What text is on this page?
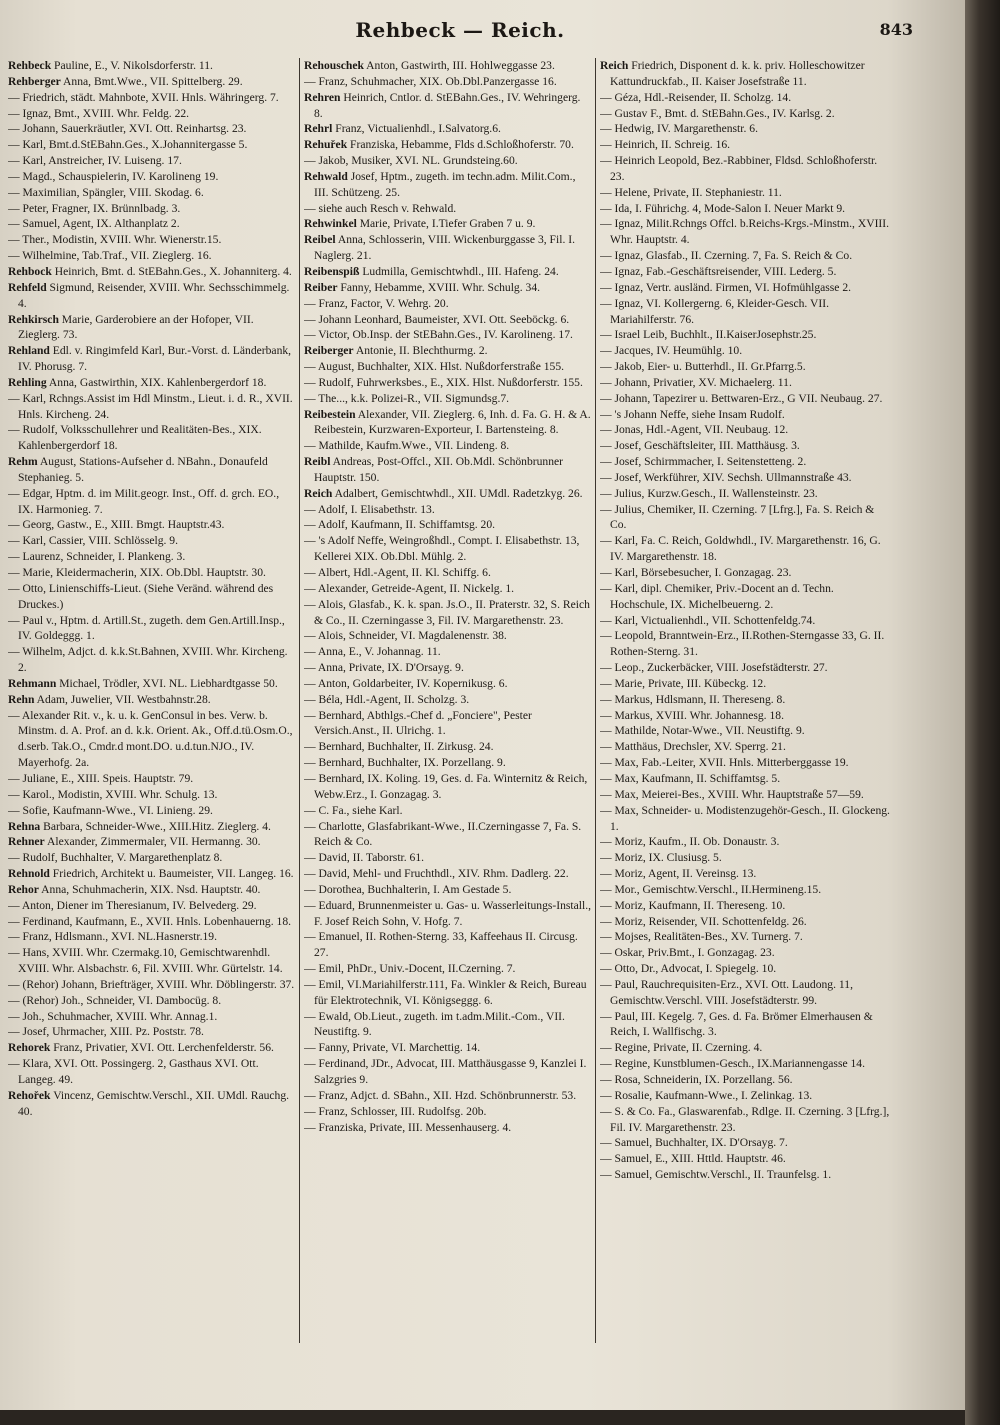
Rehbeck — Reich.	843
Rehbeck Pauline, E., V. Nikolsdorferstr. 11.
Rehberger Anna, Bmt.Wwe., VII. Spittelberg. 29.
— Friedrich, städt. Mahnbote, XVII. Hnls. Währingerg. 7.
— Ignaz, Bmt., XVIII. Whr. Feldg. 22.
— Johann, Sauerkräutler, XVI. Ott. Reinhartsg. 23.
— Karl, Bmt.d.StEBahn.Ges., X.Johannitergasse 5.
— Karl, Anstreicher, IV. Luiseng. 17.
— Magd., Schauspielerin, IV. Karolineng 19.
— Maximilian, Spängler, VIII. Skodag. 6.
— Peter, Fragner, IX. Brünnlbadg. 3.
— Samuel, Agent, IX. Althanplatz 2.
— Ther., Modistin, XVIII. Whr. Wienerstr.15.
— Wilhelmine, Tab.Traf., VII. Zieglerg. 16.
Rehbock Heinrich, Bmt. d. StEBahn.Ges., X. Johanniterg. 4.
Rehfeld Sigmund, Reisender, XVIII. Whr. Sechsschimmelg. 4.
Rehkirsch Marie, Garderobiere an der Hofoper, VII. Zieglerg. 73.
Rehland Edl. v. Ringimfeld Karl, Bur.-Vorst. d. Länderbank, IV. Phorusg. 7.
Rehling Anna, Gastwirthin, XIX. Kahlenbergerdorf 18.
— Karl, Rchngs.Assist im Hdl Minstm., Lieut. i. d. R., XVII. Hnls. Kircheng. 24.
— Rudolf, Volksschullehrer und Realitäten-Bes., XIX. Kahlenbergerdorf 18.
Rehm August, Stations-Aufseher d. NBahn., Donaufeld Stephanieg. 5.
— Edgar, Hptm. d. im Milit.geogr. Inst., Off. d. grch. EO., IX. Harmonieg. 7.
— Georg, Gastw., E., XIII. Bmgt. Hauptstr.43.
— Karl, Cassier, VIII. Schlösselg. 9.
— Laurenz, Schneider, I. Plankeng. 3.
— Marie, Kleidermacherin, XIX. Ob.Dbl. Hauptstr. 30.
— Otto, Linienschiffs-Lieut. (Siehe Veränd. während des Druckes.)
— Paul v., Hptm. d. Artill.St., zugeth. dem Gen.Artill.Insp., IV. Goldeggg. 1.
— Wilhelm, Adjct. d. k.k.St.Bahnen, XVIII. Whr. Kircheng. 2.
Rehmann Michael, Trödler, XVI. NL. Liebhardtgasse 50.
Rehn Adam, Juwelier, VII. Westbahnstr.28.
— Alexander Rit. v., k. u. k. GenConsul in bes. Verw. b. Minstm. d. A. Prof. an d. k.k. Orient. Ak., Off.d.tü.Osm.O., d.serb. Tak.O., Cmdr.d mont.DO. u.d.tun.NJO., IV. Mayerhofg. 2a.
— Juliane, E., XIII. Speis. Hauptstr. 79.
— Karol., Modistin, XVIII. Whr. Schulg. 13.
— Sofie, Kaufmann-Wwe., VI. Linieng. 29.
Rehna Barbara, Schneider-Wwe., XIII.Hitz. Zieglerg. 4.
Rehner Alexander, Zimmermaler, VII. Hermanng. 30.
— Rudolf, Buchhalter, V. Margarethenplatz 8.
Rehnold Friedrich, Architekt u. Baumeister, VII. Langeg. 16.
Rehor Anna, Schuhmacherin, XIX. Nsd. Hauptstr. 40.
— Anton, Diener im Theresianum, IV. Belvederg. 29.
— Ferdinand, Kaufmann, E., XVII. Hnls. Lobenhauerng. 18.
— Franz, Hdlsmann., XVI. NL.Hasnerstr.19.
— Hans, XVIII. Whr. Czermakg.10, Gemischtwarenhdl. XVIII. Whr. Alsbachstr. 6, Fil. XVIII. Whr. Gürtelstr. 14.
— (Rehor) Johann, Briefträger, XVIII. Whr. Döblingerstr. 37.
— (Rehor) Joh., Schneider, VI. Dambocüg. 8.
— Joh., Schuhmacher, XVIII. Whr. Annag.1.
— Josef, Uhrmacher, XIII. Pz. Poststr. 78.
Rehorek Franz, Privatier, XVI. Ott. Lerchenfelderstr. 56.
— Klara, XVI. Ott. Possingerg. 2, Gasthaus XVI. Ott. Langeg. 49.
Rehořek Vincenz, Gemischtw.Verschl., XII. UMdl. Rauchg. 40.
Rehouschek Anton, Gastwirth, III. Hohlweggasse 23.
— Franz, Schuhmacher, XIX. Ob.Dbl.Panzergasse 16.
Rehren Heinrich, Cntlor. d. StEBahn.Ges., IV. Wehringerg. 8.
Rehrl Franz, Victualienhdl., I.Salvatorg.6.
Rehuřek Franziska, Hebamme, Flds d.Schloßhoferstr. 70.
— Jakob, Musiker, XVI. NL. Grundsteing.60.
Rehwald Josef, Hptm., zugeth. im techn.adm. Milit.Com., III. Schützeng. 25.
— siehe auch Resch v. Rehwald.
Rehwinkel Marie, Private, I.Tiefer Graben 7 u. 9.
Reibel Anna, Schlosserin, VIII. Wickenburggasse 3, Fil. I. Naglerg. 21.
Reibenspiß Ludmilla, Gemischtwhdl., III. Hafeng. 24.
Reiber Fanny, Hebamme, XVIII. Whr. Schulg. 34.
— Franz, Factor, V. Wehrg. 20.
— Johann Leonhard, Baumeister, XVI. Ott. Seeböckg. 6.
— Victor, Ob.Insp. der StEBahn.Ges., IV. Karolineng. 17.
Reiberger Antonie, II. Blechthurmg. 2.
— August, Buchhalter, XIX. Hlst. Nußdorferstraße 155.
— Rudolf, Fuhrwerksbes., E., XIX. Hlst. Nußdorferstr. 155.
— The..., k.k. Polizei-R., VII. Sigmundsg.7.
Reibestein Alexander, VII. Zieglerg. 6, Inh. d. Fa. G. H. & A. Reibestein, Kurzwaren-Exporteur, I. Bartensteing. 8.
— Mathilde, Kaufm.Wwe., VII. Lindeng. 8.
Reibl Andreas, Post-Offcl., XII. Ob.Mdl. Schönbrunner Hauptstr. 150.
Reich Adalbert, Gemischtwhdl., XII. UMdl. Radetzkyg. 26.
— Adolf, I. Elisabethstr. 13.
— Adolf, Kaufmann, II. Schiffamtsg. 20.
— 's Adolf Neffe, Weingroßhdl., Compt. I. Elisabethstr. 13, Kellerei XIX. Ob.Dbl. Mühlg. 2.
— Albert, Hdl.-Agent, II. Kl. Schiffg. 6.
— Alexander, Getreide-Agent, II. Nickelg. 1.
— Alois, Glasfab., K. k. span. Js.O., II. Praterstr. 32, S. Reich & Co., II. Czerningasse 3, Fil. IV. Margarethenstr. 23.
— Alois, Schneider, VI. Magdalenenstr. 38.
— Anna, E., V. Johannag. 11.
— Anna, Private, IX. D'Orsayg. 9.
— Anton, Goldarbeiter, IV. Kopernikusg. 6.
— Béla, Hdl.-Agent, II. Scholzg. 3.
— Bernhard, Abthlgs.-Chef d. „Fonciere", Pester Versich.Anst., II. Ulrichg. 1.
— Bernhard, Buchhalter, II. Zirkusg. 24.
— Bernhard, Buchhalter, IX. Porzellang. 9.
— Bernhard, IX. Koling. 19, Ges. d. Fa. Winternitz & Reich, Webw.Erz., I. Gonzagag. 3.
— C. Fa., siehe Karl.
— Charlotte, Glasfabrikant-Wwe., II.Czerningasse 7, Fa. S. Reich & Co.
— David, II. Taborstr. 61.
— David, Mehl- und Fruchthdl., XIV. Rhm. Dadlerg. 22.
— Dorothea, Buchhalterin, I. Am Gestade 5.
— Eduard, Brunnenmeister u. Gas- u. Wasserleitungs-Install., F. Josef Reich Sohn, V. Hofg. 7.
— Emanuel, II. Rothen-Sterng. 33, Kaffeehaus II. Circusg. 27.
— Emil, PhDr., Univ.-Docent, II.Czerning. 7.
— Emil, VI.Mariahilferstr.111, Fa. Winkler & Reich, Bureau für Elektrotechnik, VI. Königseggg. 6.
— Ewald, Ob.Lieut., zugeth. im t.adm.Milit.-Com., VII. Neustiftg. 9.
— Fanny, Private, VI. Marchettig. 14.
— Ferdinand, JDr., Advocat, III. Matthäusgasse 9, Kanzlei I. Salzgries 9.
— Franz, Adjct. d. SBahn., XII. Hzd. Schönbrunnerstr. 53.
— Franz, Schlosser, III. Rudolfsg. 20b.
— Franziska, Private, III. Messenhauserg. 4.
Reich Friedrich, Disponent d. k. k. priv. Holleschowitzer Kattundruckfab., II. Kaiser Josefstraße 11.
— Géza, Hdl.-Reisender, II. Scholzg. 14.
— Gustav F., Bmt. d. StEBahn.Ges., IV. Karlsg. 2.
— Hedwig, IV. Margarethenstr. 6.
— Heinrich, II. Schreig. 16.
— Heinrich Leopold, Bez.-Rabbiner, Fldsd. Schloßhoferstr. 23.
— Helene, Private, II. Stephaniestr. 11.
— Ida, I. Führichg. 4, Mode-Salon I. Neuer Markt 9.
— Ignaz, Milit.Rchngs Offcl. b.Reichs-Krgs.-Minstm., XVIII. Whr. Hauptstr. 4.
— Ignaz, Glasfab., II. Czerning. 7, Fa. S. Reich & Co.
— Ignaz, Fab.-Geschäftsreisender, VIII. Lederg. 5.
— Ignaz, Vertr. ausländ. Firmen, VI. Hofmühlgasse 2.
— Ignaz, VI. Kollergerng. 6, Kleider-Gesch. VII. Mariahilferstr. 76.
— Israel Leib, Buchhlt., II.KaiserJosephstr.25.
— Jacques, IV. Heumühlg. 10.
— Jakob, Eier- u. Butterhdl., II. Gr.Pfarrg.5.
— Johann, Privatier, XV. Michaelerg. 11.
— Johann, Tapezirer u. Bettwaren-Erz., G VII. Neubaug. 27.
— 's Johann Neffe, siehe Insam Rudolf.
— Jonas, Hdl.-Agent, VII. Neubaug. 12.
— Josef, Geschäftsleiter, III. Matthäusg. 3.
— Josef, Schirmmacher, I. Seitenstetteng. 2.
— Josef, Werkführer, XIV. Sechsh. Ullmannstraße 43.
— Julius, Kurzw.Gesch., II. Wallensteinstr. 23.
— Julius, Chemiker, II. Czerning. 7 [Lfrg.], Fa. S. Reich & Co.
— Karl, Fa. C. Reich, Goldwhdl., IV. Margarethenstr. 16, G. IV. Margarethenstr. 18.
— Karl, Börsebesucher, I. Gonzagag. 23.
— Karl, dipl. Chemiker, Priv.-Docent an d. Techn. Hochschule, IX. Michelbeuerng. 2.
— Karl, Victualienhdl., VII. Schottenfeldg.74.
— Leopold, Branntwein-Erz., II.Rothen-Sterngasse 33, G. II. Rothen-Sterng. 31.
— Leop., Zuckerbäcker, VIII. Josefstädterstr. 27.
— Marie, Private, III. Kübeckg. 12.
— Markus, Hdlsmann, II. Thereseng. 8.
— Markus, XVIII. Whr. Johannesg. 18.
— Mathilde, Notar-Wwe., VII. Neustiftg. 9.
— Matthäus, Drechsler, XV. Sperrg. 21.
— Max, Fab.-Leiter, XVII. Hnls. Mitterberggasse 19.
— Max, Kaufmann, II. Schiffamtsg. 5.
— Max, Meierei-Bes., XVIII. Whr. Hauptstraße 57—59.
— Max, Schneider- u. Modistenzugehör-Gesch., II. Glockeng. 1.
— Moriz, Kaufm., II. Ob. Donaustr. 3.
— Moriz, IX. Clusiusg. 5.
— Moriz, Agent, II. Vereinsg. 13.
— Mor., Gemischtw.Verschl., II.Hermineng.15.
— Moriz, Kaufmann, II. Thereseng. 10.
— Moriz, Reisender, VII. Schottenfeldg. 26.
— Mojses, Realitäten-Bes., XV. Turnerg. 7.
— Oskar, Priv.Bmt., I. Gonzagag. 23.
— Otto, Dr., Advocat, I. Spiegelg. 10.
— Paul, Rauchrequisiten-Erz., XVI. Ott. Laudong. 11, Gemischtw.Verschl. VIII. Josefstädterstr. 99.
— Paul, III. Kegelg. 7, Ges. d. Fa. Brömer Elmerhausen & Reich, I. Wallfischg. 3.
— Regine, Private, II. Czerning. 4.
— Regine, Kunstblumen-Gesch., IX.Mariannengasse 14.
— Rosa, Schneiderin, IX. Porzellang. 56.
— Rosalie, Kaufmann-Wwe., I. Zelinkag. 13.
— S. & Co. Fa., Glaswarenfab., Rdlge. II. Czerning. 3 [Lfrg.], Fil. IV. Margarethenstr. 23.
— Samuel, Buchhalter, IX. D'Orsayg. 7.
— Samuel, E., XIII. Httld. Hauptstr. 46.
— Samuel, Gemischtw.Verschl., II. Traunfelsg. 1.
